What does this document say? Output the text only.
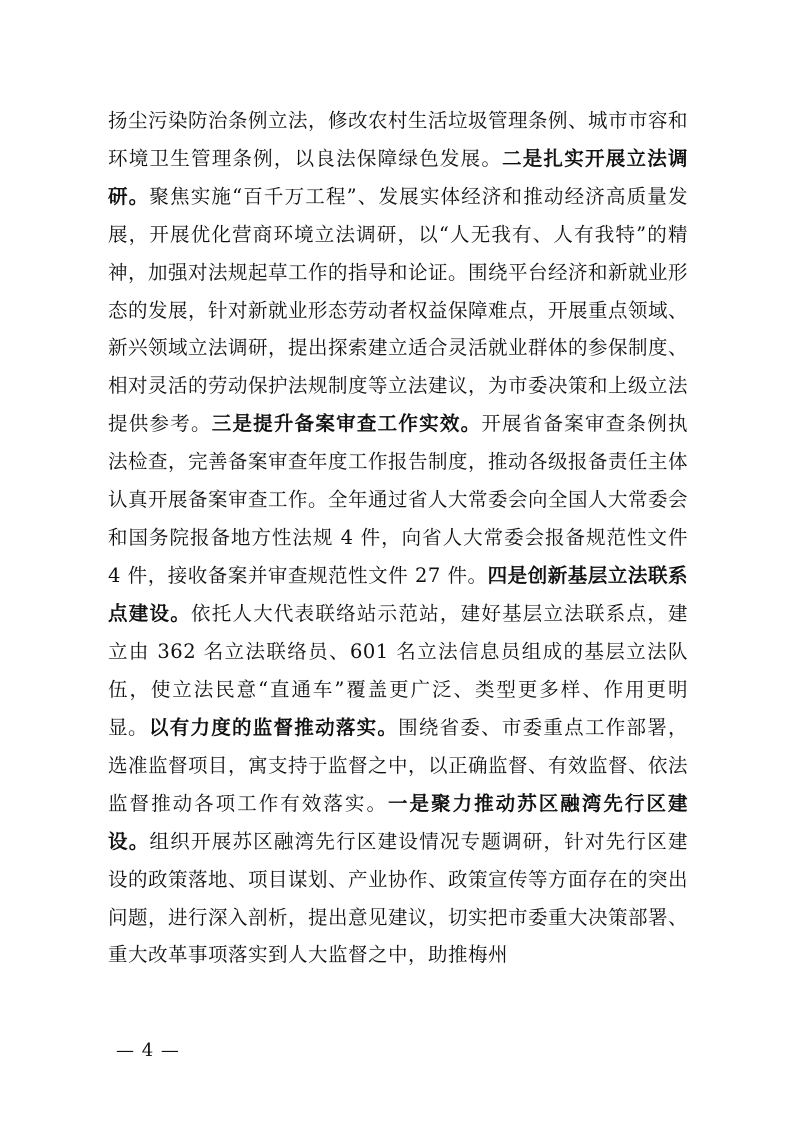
扬尘污染防治条例立法，修改农村生活垃圾管理条例、城市市容和环境卫生管理条例，以良法保障绿色发展。二是扎实开展立法调研。聚焦实施“百千万工程”、发展实体经济和推动经济高质量发展，开展优化营商环境立法调研，以“人无我有、人有我特”的精神，加强对法规起草工作的指导和论证。围绕平台经济和新就业形态的发展，针对新就业形态劳动者权益保障难点，开展重点领域、新兴领域立法调研，提出探索建立适合灵活就业群体的参保制度、相对灵活的劳动保护法规制度等立法建议，为市委决策和上级立法提供参考。三是提升备案审查工作实效。开展省备案审查条例执法检查，完善备案审查年度工作报告制度，推动各级报备责任主体认真开展备案审查工作。全年通过省人大常委会向全国人大常委会和国务院报备地方性法规 4 件，向省人大常委会报备规范性文件 4 件，接收备案并审查规范性文件 27 件。四是创新基层立法联系点建设。依托人大代表联络站示范站，建好基层立法联系点，建立由 362 名立法联络员、601 名立法信息员组成的基层立法队伍，使立法民意“直通车”覆盖更广泛、类型更多样、作用更明显。 以有力度的监督推动落实。围绕省委、市委重点工作部署，选准监督项目，寓支持于监督之中，以正确监督、有效监督、依法监督推动各项工作有效落实。一是聚力推动苏区融湾先行区建设。组织开展苏区融湾先行区建设情况专题调研，针对先行区建设的政策落地、项目谋划、产业协作、政策宣传等方面存在的突出问题，进行深入剖析，提出意见建议，切实把市委重大决策部署、重大改革事项落实到人大监督之中，助推梅州

— 4 —
